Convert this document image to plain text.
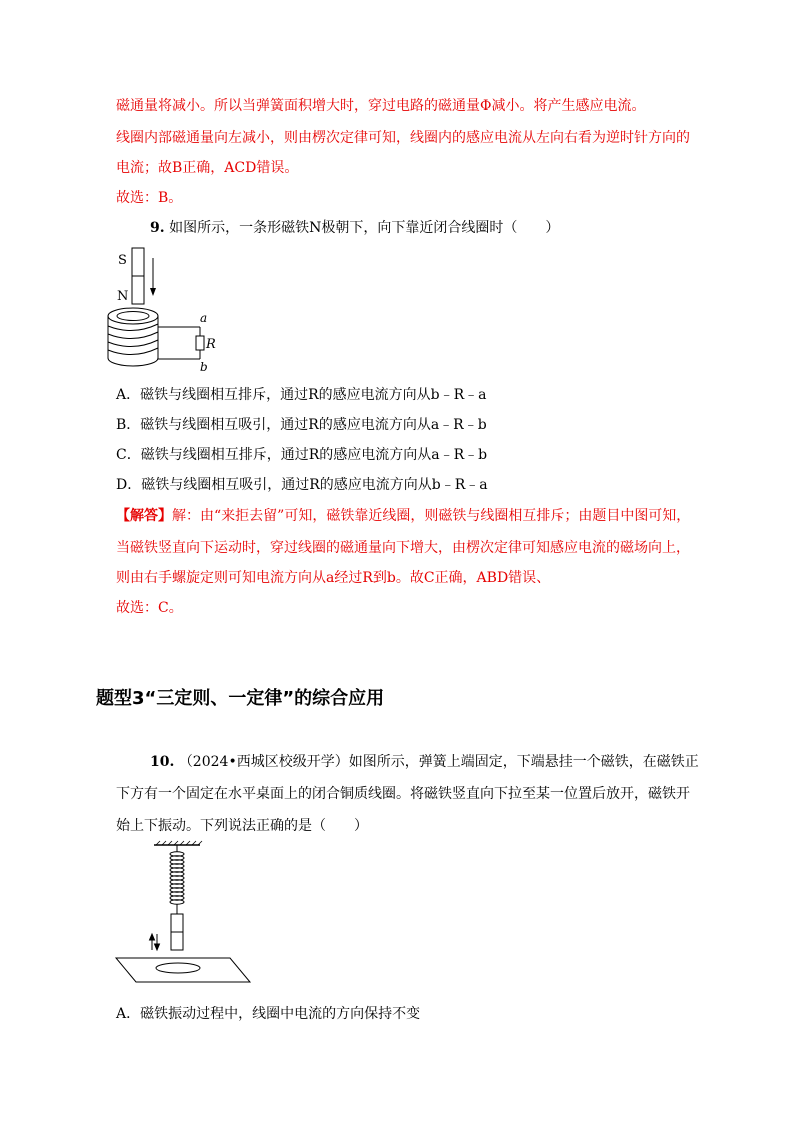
磁通量将减小。所以当弹簧面积增大时，穿过电路的磁通量Φ减小。将产生感应电流。
线圈内部磁通量向左减小，则由楞次定律可知，线圈内的感应电流从左向右看为逆时针方向的
电流；故B正确，ACD错误。
故选：B。
9. 如图所示，一条形磁铁N极朝下，向下靠近闭合线圈时（　　）
S
N
a
R
b
A．磁铁与线圈相互排斥，通过R的感应电流方向从b﹣R﹣a
B．磁铁与线圈相互吸引，通过R的感应电流方向从a﹣R﹣b
C．磁铁与线圈相互排斥，通过R的感应电流方向从a﹣R﹣b
D．磁铁与线圈相互吸引，通过R的感应电流方向从b﹣R﹣a
【解答】解：由“来拒去留”可知，磁铁靠近线圈，则磁铁与线圈相互排斥；由题目中图可知，
当磁铁竖直向下运动时，穿过线圈的磁通量向下增大，由楞次定律可知感应电流的磁场向上，
则由右手螺旋定则可知电流方向从a经过R到b。故C正确，ABD错误、
故选：C。
题型3“三定则、一定律”的综合应用
10. （2024•西城区校级开学）如图所示，弹簧上端固定，下端悬挂一个磁铁，在磁铁正
下方有一个固定在水平桌面上的闭合铜质线圈。将磁铁竖直向下拉至某一位置后放开，磁铁开
始上下振动。下列说法正确的是（　　）
A．磁铁振动过程中，线圈中电流的方向保持不变
